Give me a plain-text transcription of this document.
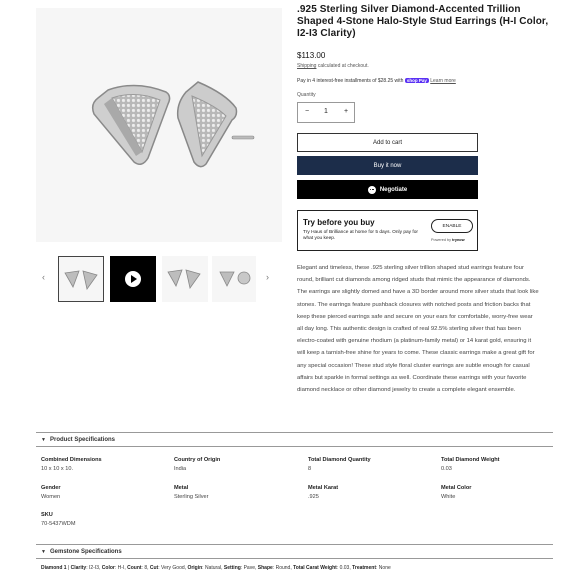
‹	›
.925 Sterling Silver Diamond-Accented Trillion Shaped 4-Stone Halo-Style Stud Earrings (H-I Color, I2-I3 Clarity)
$113.00
Shipping calculated at checkout.
Pay in 4 interest-free installments of $28.25 with shop Pay Learn more
Quantity
− 1 +
Add to cart
Buy it now
Negotiate
Try before you buy
Try Haus of Brilliance at home for 5 days. Only pay for what you keep.
ENABLE
Powered by trynow

Elegant and timeless, these .925 sterling silver trillion shaped stud earrings feature four round, brilliant cut diamonds among ridged studs that mimic the appearance of diamonds. The earrings are slightly domed and have a 3D border around more silver studs that look like stones. The earrings feature pushback closures with notched posts and friction backs that keep these pierced earrings safe and secure on your ears for comfortable, worry-free wear all day long. This authentic design is crafted of real 92.5% sterling silver that has been electro-coated with genuine rhodium (a platinum-family metal) or 14 karat gold, ensuring it will keep a tarnish-free shine for years to come. These classic earrings make a great gift for any special occasion! These stud style floral cluster earrings are subtle enough for casual affairs but sparkle in formal settings as well. Coordinate these earrings with your favorite diamond necklace or other diamond jewelry to create a complete elegant ensemble.

▼ Product Specifications
Combined Dimensions
10 x 10 x 10.
Country of Origin
India
Total Diamond Quantity
8
Total Diamond Weight
0.03
Gender
Women
Metal
Sterling Silver
Metal Karat
.925
Metal Color
White
SKU
70-5437WDM
▼ Gemstone Specifications
Diamond 1 | Clarity: I2-I3, Color: H-I, Count: 8, Cut: Very Good, Origin: Natural, Setting: Pave, Shape: Round, Total Carat Weight: 0.03, Treatment: None
